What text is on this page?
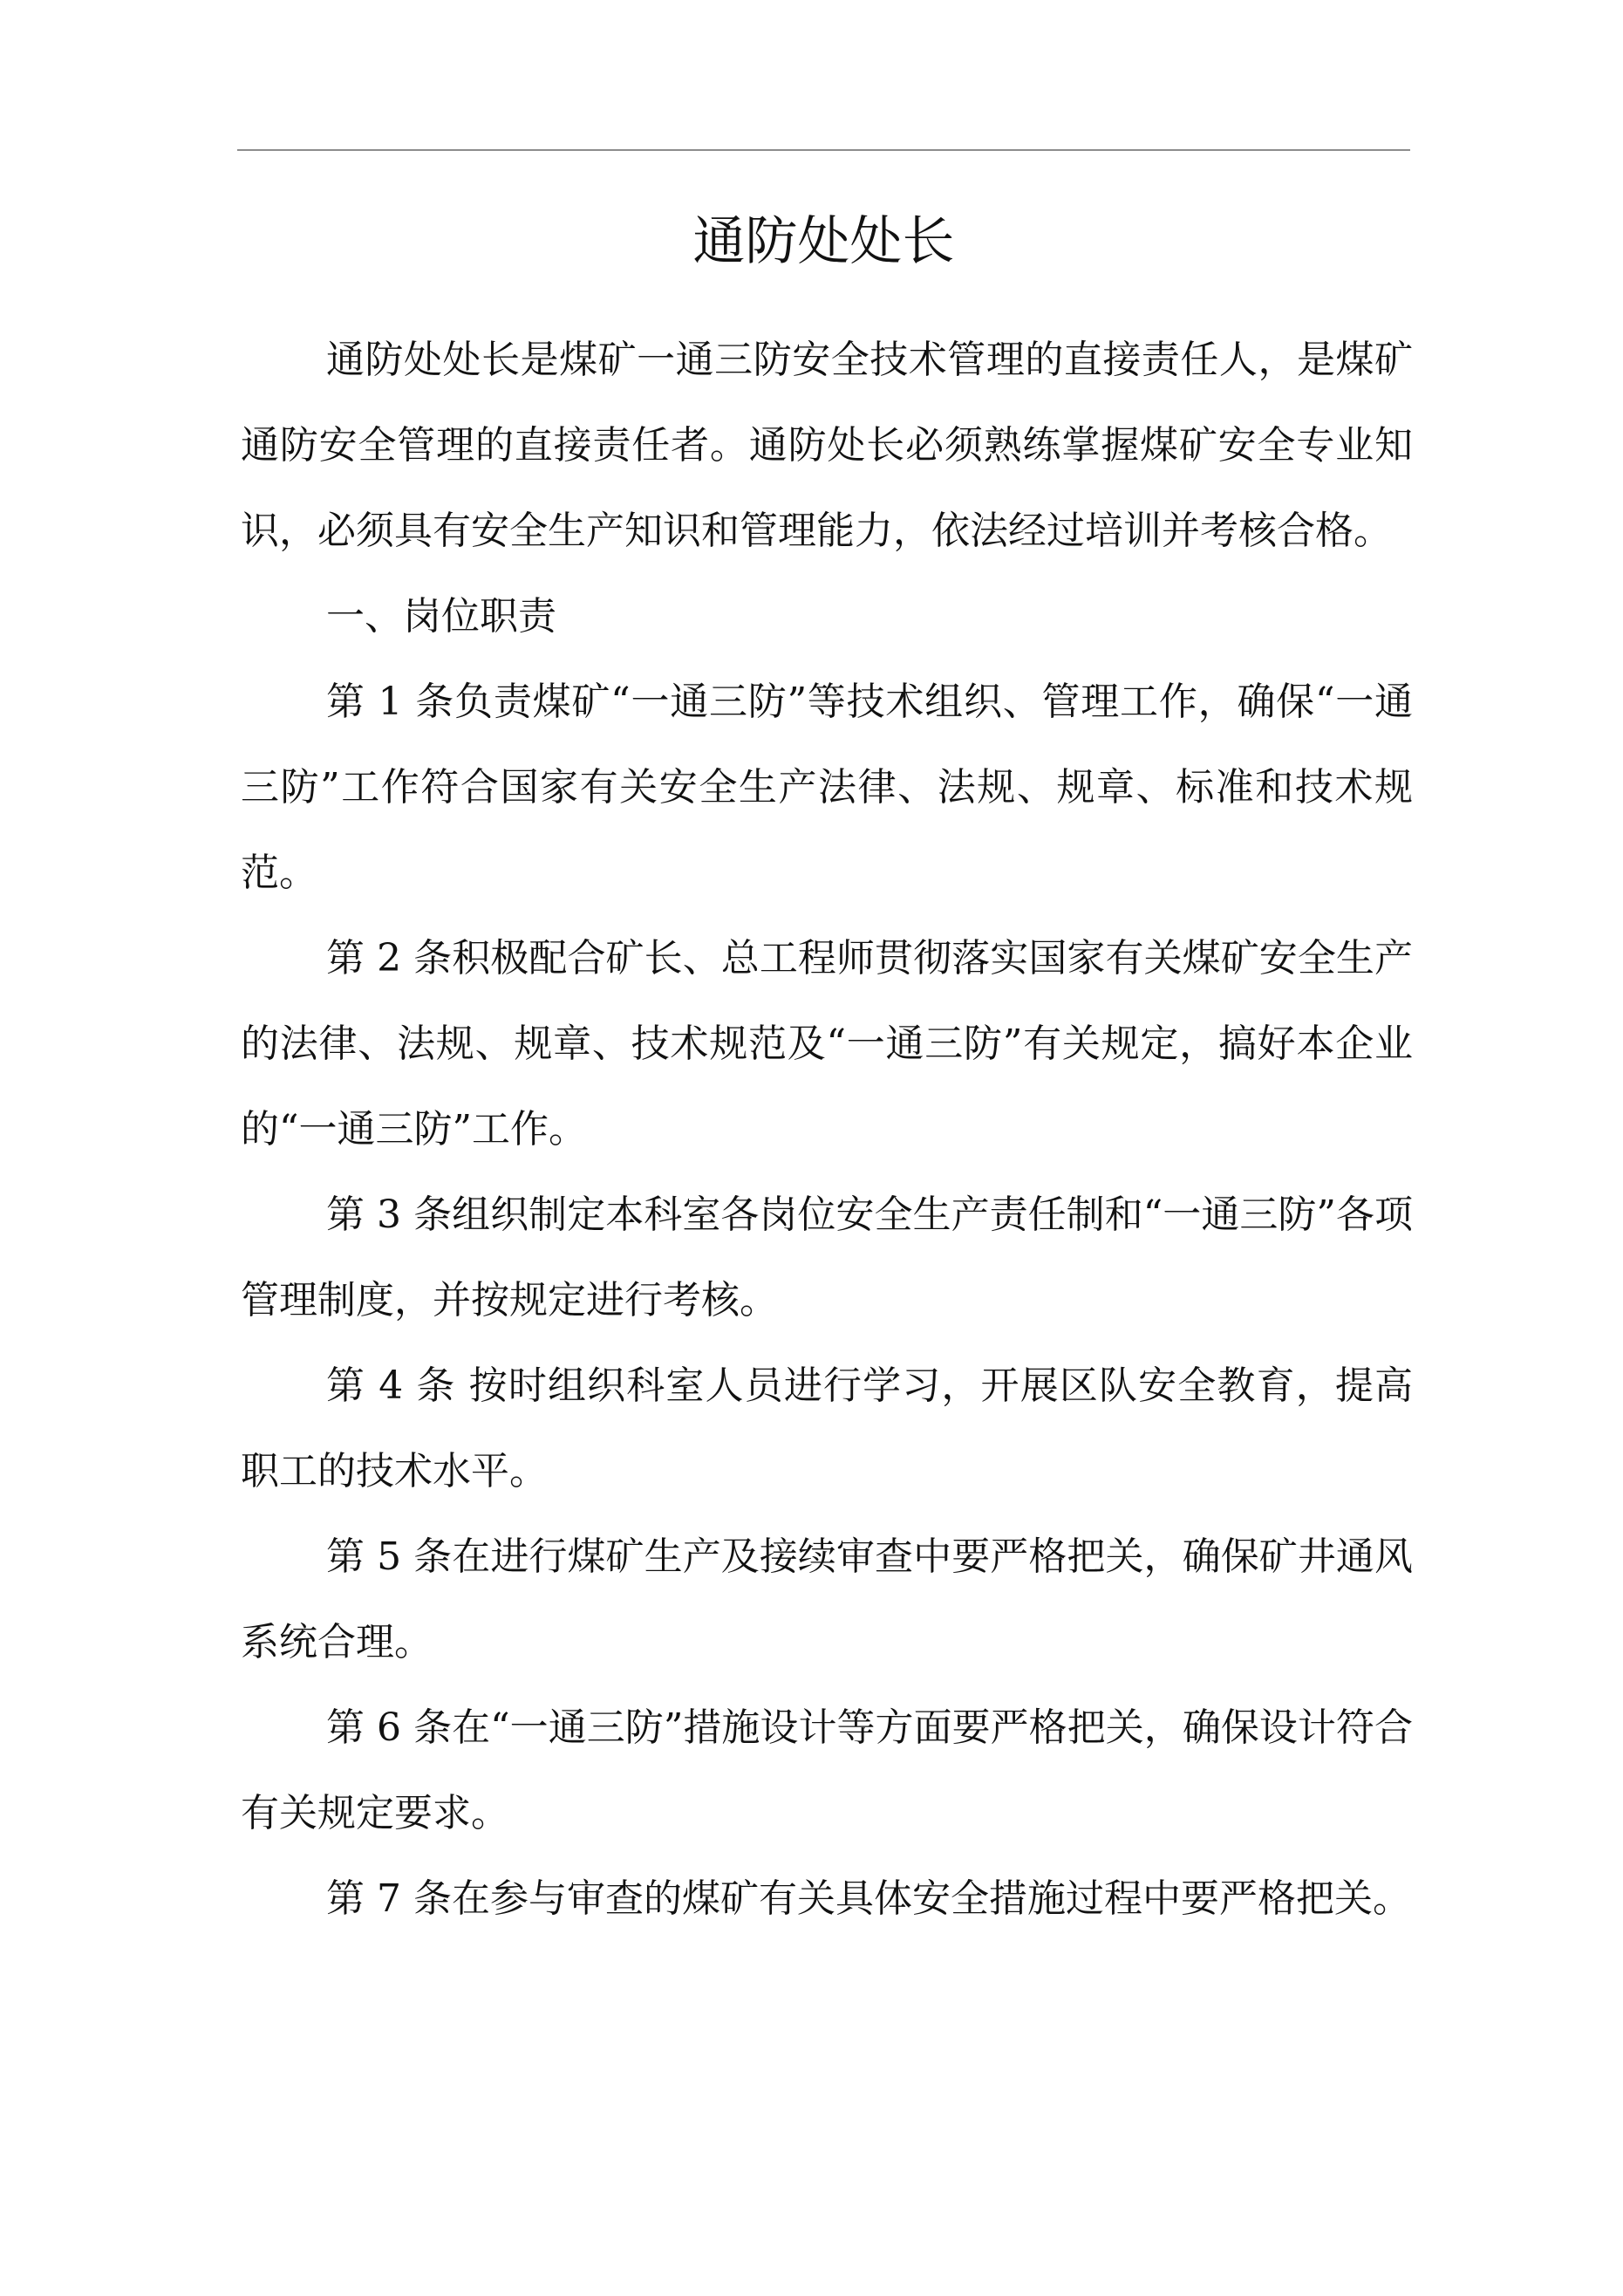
通防处处长

通防处处长是煤矿一通三防安全技术管理的直接责任人，是煤矿通防安全管理的直接责任者。通防处长必须熟练掌握煤矿安全专业知识，必须具有安全生产知识和管理能力，依法经过培训并考核合格。

一、岗位职责

第 1 条负责煤矿“一通三防”等技术组织、管理工作，确保“一通三防”工作符合国家有关安全生产法律、法规、规章、标准和技术规范。

第 2 条积极配合矿长、总工程师贯彻落实国家有关煤矿安全生产的法律、法规、规章、技术规范及“一通三防”有关规定，搞好本企业的“一通三防”工作。

第 3 条组织制定本科室各岗位安全生产责任制和“一通三防”各项管理制度，并按规定进行考核。

第 4 条 按时组织科室人员进行学习，开展区队安全教育，提高职工的技术水平。

第 5 条在进行煤矿生产及接续审查中要严格把关，确保矿井通风系统合理。

第 6 条在“一通三防”措施设计等方面要严格把关，确保设计符合有关规定要求。

第 7 条在参与审查的煤矿有关具体安全措施过程中要严格把关。
